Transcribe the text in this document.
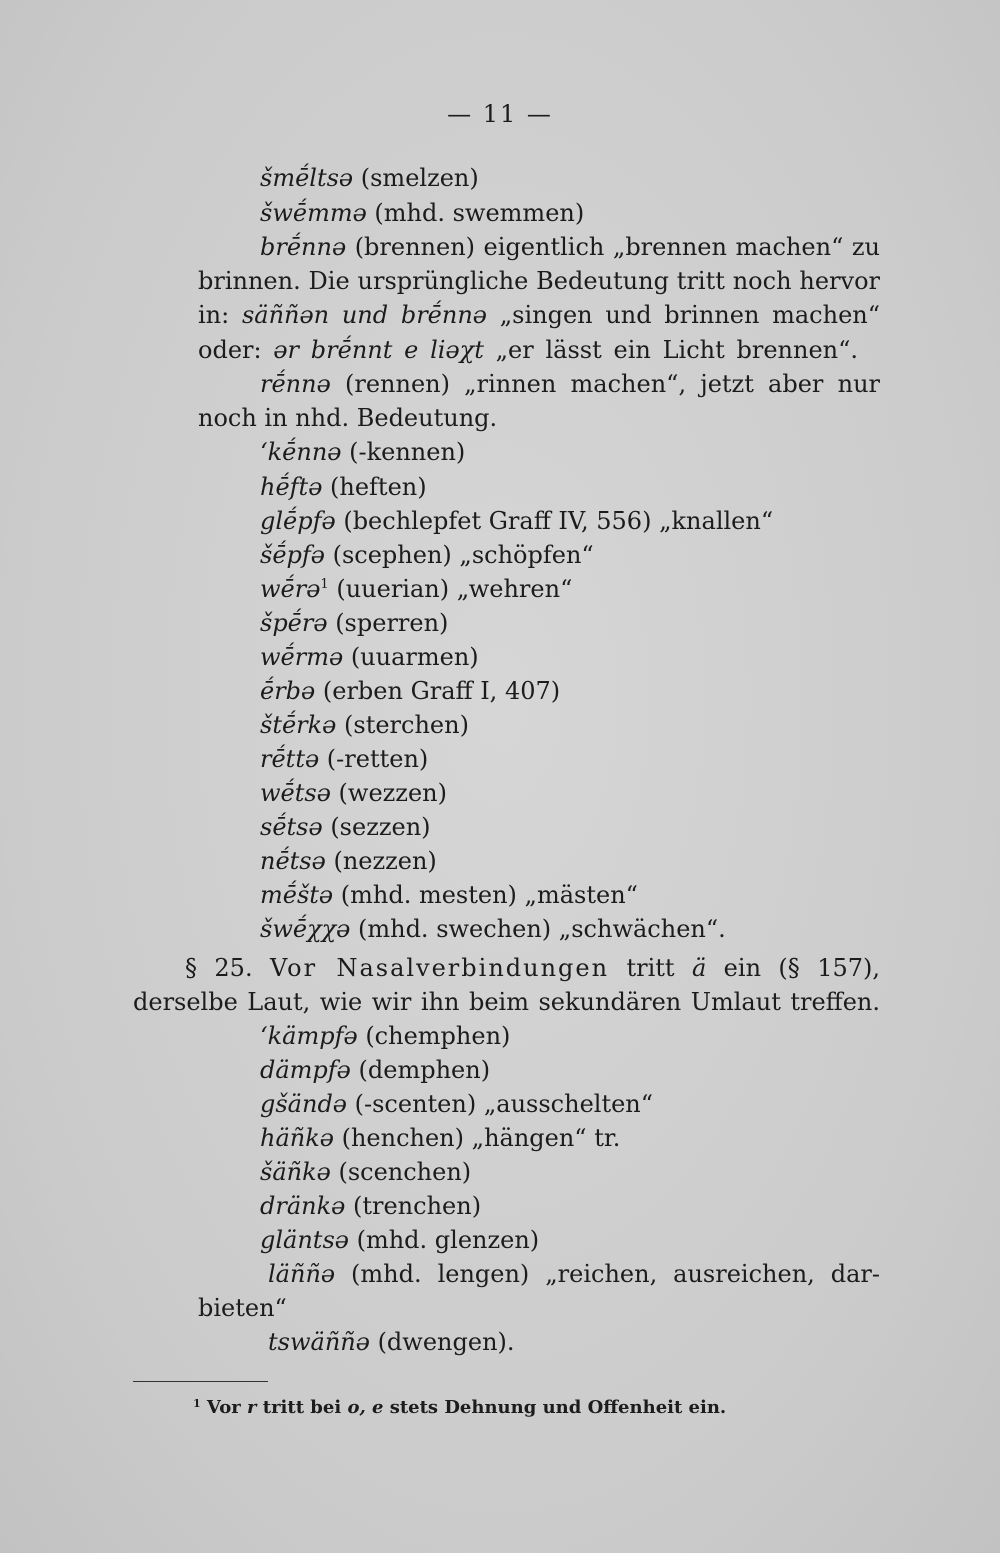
— 11 —
šmḗltsə (smelzen)
šwḗmmə (mhd. swemmen)
brḗnnə (brennen) eigentlich „brennen machen“ zu
brinnen. Die ursprüngliche Bedeutung tritt noch hervor
in: säññən und brḗnnə „singen und brinnen machen“
oder: ər brḗnnt e liəχt „er lässt ein Licht brennen“.
rḗnnə (rennen) „rinnen machen“, jetzt aber nur
noch in nhd. Bedeutung.
ʻkḗnnə (-kennen)
hḗftə (heften)
glḗpfə (bechlepfet Graff IV, 556) „knallen“
šḗpfə (scephen) „schöpfen“
wḗrə$^1$ (uuerian) „wehren“
špḗrə (sperren)
wḗrmə (uuarmen)
ḗrbə (erben Graff I, 407)
štḗrkə (sterchen)
rḗttə (-retten)
wḗtsə (wezzen)
sḗtsə (sezzen)
nḗtsə (nezzen)
mḗštə (mhd. mesten) „mästen“
šwḗχχə (mhd. swechen) „schwächen“.
§ 25. Vor Nasalverbindungen tritt ä ein (§ 157),
derselbe Laut, wie wir ihn beim sekundären Umlaut treffen.
ʻkämpfə (chemphen)
dämpfə (demphen)
gšändə (-scenten) „ausschelten“
häñkə (henchen) „hängen“ tr.
šäñkə (scenchen)
dränkə (trenchen)
gläntsə (mhd. glenzen)
läññə (mhd. lengen) „reichen, ausreichen, dar-
bieten“
tswäññə (dwengen).
$^1$ Vor r tritt bei o, e stets Dehnung und Offenheit ein.
